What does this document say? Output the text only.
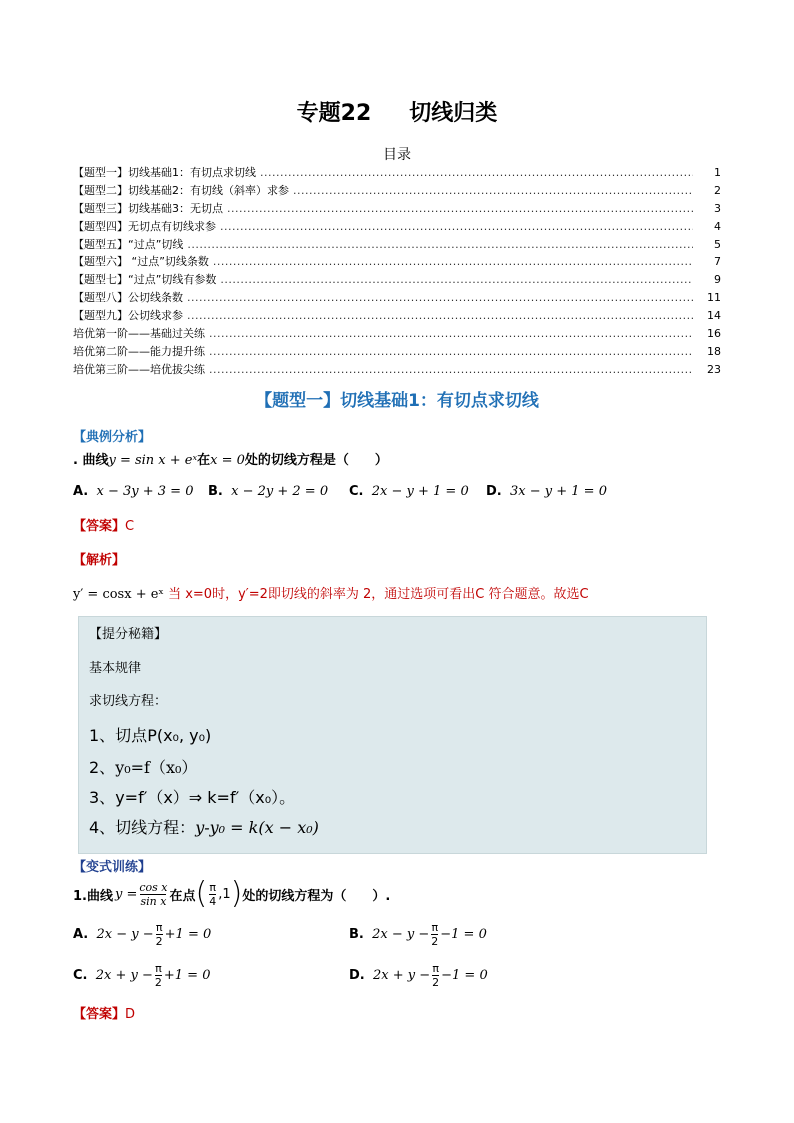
专题22 切线归类
目录
【题型一】切线基础1：有切点求切线 .....	1
【题型二】切线基础2：有切线（斜率）求参 .....	2
【题型三】切线基础3：无切点 .....	3
【题型四】无切点有切线求参 .....	4
【题型五】“过点”切线 .....	5
【题型六】 “过点”切线条数 .....	7
【题型七】“过点”切线有参数 .....	9
【题型八】公切线条数 .....	11
【题型九】公切线求参 .....	14
培优第一阶——基础过关练 .....	16
培优第二阶——能力提升练 .....	18
培优第三阶——培优拔尖练 .....	23
【题型一】切线基础1：有切点求切线
【典例分析】
. 曲线y = sin x + eˣ在x = 0处的切线方程是（　　）
A. x − 3y + 3 = 0 B. x − 2y + 2 = 0 C. 2x − y + 1 = 0 D. 3x − y + 1 = 0
【答案】C
【解析】
y′ = cosx + eˣ 当 x=0时，y′=2即切线的斜率为 2，通过选项可看出C 符合题意。故选C
【提分秘籍】
基本规律
求切线方程：
1、切点P(x₀, y₀)
2、y₀=f（x₀）
3、y=f′（x）⇒ k=f′（x₀）。
4、切线方程：y-y₀ = k(x − x₀)
【变式训练】
1.曲线 $y = \frac{\text{cos x}}{\text{sin x}}$ 在点 ( $\frac{\pi}{4} ,1$ ) 处的切线方程为（　　）.
A.
$2x - y - \frac{\pi}{2} +1 = 0$	B.
$2x - y - \frac{\pi}{2} -1 = 0$
C.
$2x + y - \frac{\pi}{2} +1 = 0$	D.
$2x + y - \frac{\pi}{2} -1 = 0$
【答案】D
